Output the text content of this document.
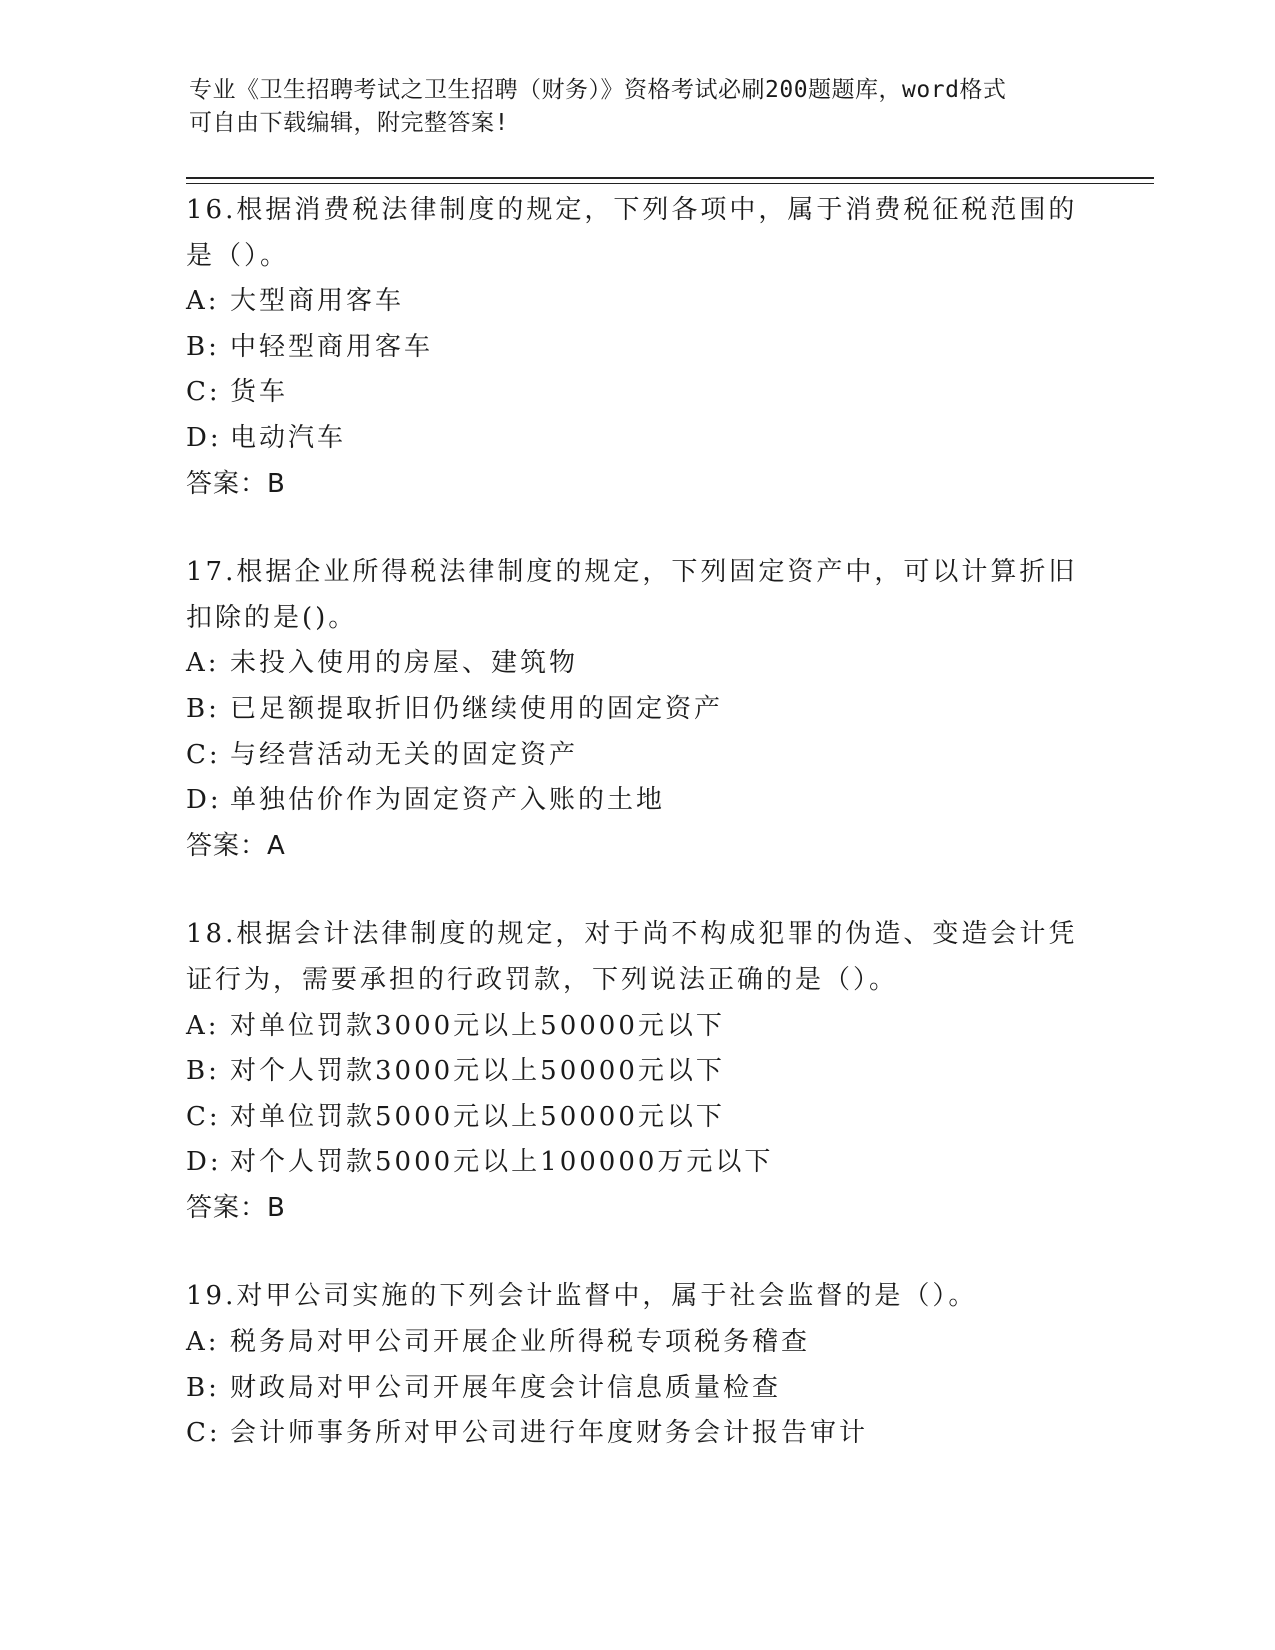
专业《卫生招聘考试之卫生招聘（财务）》资格考试必刷200题题库，word格式
可自由下载编辑，附完整答案!
16.根据消费税法律制度的规定，下列各项中，属于消费税征税范围的
是（）。
A: 大型商用客车
B: 中轻型商用客车
C: 货车
D: 电动汽车
答案：B
17.根据企业所得税法律制度的规定，下列固定资产中，可以计算折旧
扣除的是()。
A: 未投入使用的房屋、建筑物
B: 已足额提取折旧仍继续使用的固定资产
C: 与经营活动无关的固定资产
D: 单独估价作为固定资产入账的土地
答案：A
18.根据会计法律制度的规定，对于尚不构成犯罪的伪造、变造会计凭
证行为，需要承担的行政罚款，下列说法正确的是（）。
A: 对单位罚款3000元以上50000元以下
B: 对个人罚款3000元以上50000元以下
C: 对单位罚款5000元以上50000元以下
D: 对个人罚款5000元以上100000万元以下
答案：B
19.对甲公司实施的下列会计监督中，属于社会监督的是（）。
A: 税务局对甲公司开展企业所得税专项税务稽查
B: 财政局对甲公司开展年度会计信息质量检查
C: 会计师事务所对甲公司进行年度财务会计报告审计
